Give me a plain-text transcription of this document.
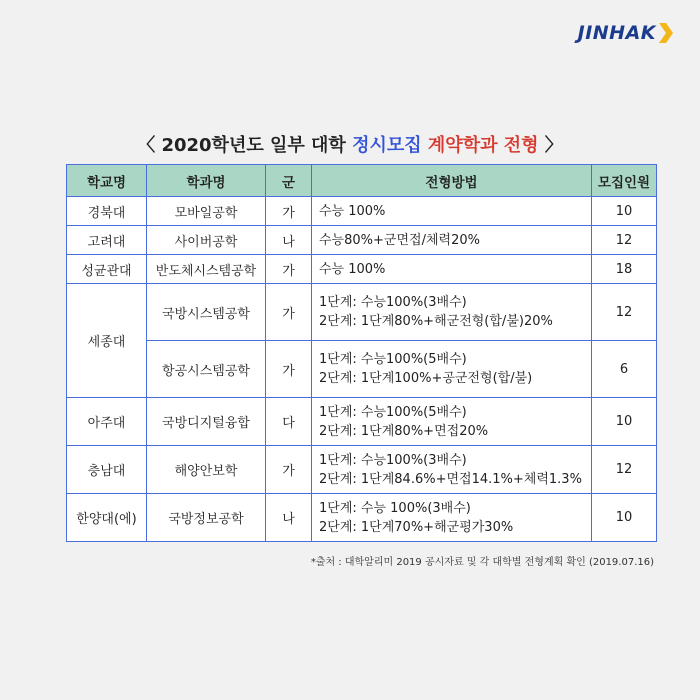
JINHAK
〈 2020학년도 일부 대학 정시모집 계약학과 전형 〉
학교명	학과명	군	전형방법	모집인원
경북대	모바일공학	가	수능 100%	10
고려대	사이버공학	나	수능80%+군면접/체력20%	12
성균관대	반도체시스템공학	가	수능 100%	18
세종대	국방시스템공학	가	1단계: 수능100%(3배수)
2단계: 1단계80%+해군전형(합/불)20%	12
	항공시스템공학	가	1단계: 수능100%(5배수)
2단계: 1단계100%+공군전형(합/불)	6
아주대	국방디지털융합	다	1단계: 수능100%(5배수)
2단계: 1단계80%+면접20%	10
충남대	해양안보학	가	1단계: 수능100%(3배수)
2단계: 1단계84.6%+면접14.1%+체력1.3%	12
한양대(에)	국방정보공학	나	1단계: 수능 100%(3배수)
2단계: 1단계70%+해군평가30%	10
*출처 : 대학알리미 2019 공시자료 및 각 대학별 전형계획 확인 (2019.07.16)
